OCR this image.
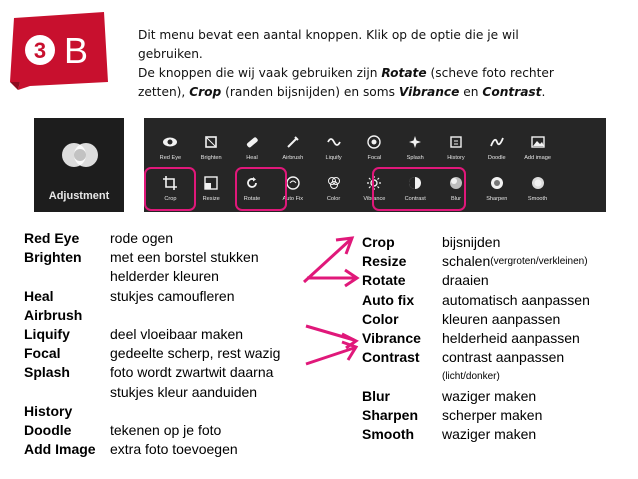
3 B	Dit menu bevat een aantal knoppen. Klik op de optie die je wil
gebruiken.
De knoppen die wij vaak gebruiken zijn Rotate (scheve foto rechter
zetten), Crop (randen bijsnijden) en soms Vibrance en Contrast.
Adjustment
Red Eye	Brighten	Heal	Airbrush	Liquify	Focal	Splash	History	Doodle	Add image
Crop	Resize	Rotate	Auto Fix	Color	Vibrance	Contrast	Blur	Sharpen	Smooth
Red Eye	rode ogen
Brighten	met een borstel stukken
helderder kleuren
Heal	stukjes camoufleren
Airbrush
Liquify	deel vloeibaar maken
Focal	gedeelte scherp, rest wazig
Splash	foto wordt zwartwit daarna
stukjes kleur aanduiden
History
Doodle	tekenen op je foto
Add Image	extra foto toevoegen
Crop	bijsnijden
Resize	schalen (vergroten/verkleinen)
Rotate	draaien
Auto fix	automatisch aanpassen
Color	kleuren aanpassen
Vibrance	helderheid aanpassen
Contrast	contrast aanpassen
(licht/donker)
Blur	waziger maken
Sharpen	scherper maken
Smooth	waziger maken
